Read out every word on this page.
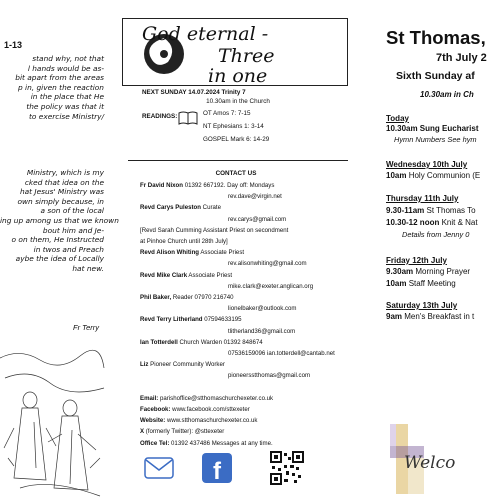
1-13
stand why, not that
l hands would be as-
bit apart from the areas
p in, given the reaction
in the place that He
the policy was that it
to exercise Ministry/
Ministry, which is my
cked that idea on the
hat Jesus' Ministry was
own simply because, in
a son of the local
ing up among us that we known
bout him and Je-
o on them, He Instructed
in twos and Preach
aybe the idea of Locally
hat new.
Fr Terry
God eternal -
Three
in one
NEXT SUNDAY 14.07.2024 Trinity 7
10.30am in the Church
READINGS:	OT Amos 7: 7-15
NT Ephesians 1: 3-14
GOSPEL Mark 6: 14-29
CONTACT US
Fr David Nixon 01392 667192. Day off: Mondays
rev.dave@virgin.net
Revd Carys Puleston Curate
rev.carys@gmail.com
[Revd Sarah Cumming Assistant Priest on secondment
at Pinhoe Church until 28th July]
Revd Alison Whiting Associate Priest
rev.alisonwhiting@gmail.com
Revd Mike Clark Associate Priest
mike.clark@exeter.anglican.org
Phil Baker, Reader 07970 216740
lionelbaker@outlook.com
Revd Terry Litherland 07594633195
tlitherland36@gmail.com
Ian Totterdell Church Warden 01392 848674
07536159096 ian.totterdell@cantab.net
Liz Pioneer Community Worker
pioneersstthomas@gmail.com
Email: parishoffice@stthomaschurchexeter.co.uk
Facebook: www.facebook.com/sttexeter
Website: www.stthomaschurchexeter.co.uk
X (formerly Twitter): @sttexeter
Office Tel: 01392 437486 Messages at any time.
f
St Thomas,
7th July 2
Sixth Sunday af
10.30am in Ch
Today
10.30am Sung Eucharist
Hymn Numbers See hym
Wednesday 10th July
10am Holy Communion (E
Thursday 11th July
9.30-11am St Thomas To
10.30-12 noon Knit & Nat
Details from Jenny 0
Friday 12th July
9.30am Morning Prayer
10am Staff Meeting
Saturday 13th July
9am Men's Breakfast in t
Welco
